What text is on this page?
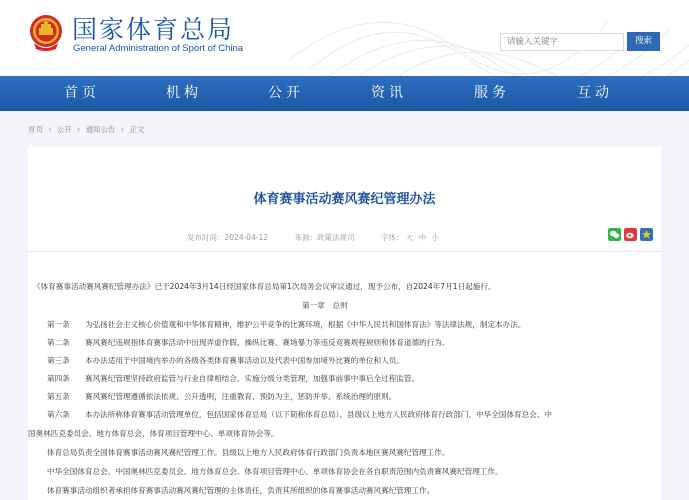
国家体育总局
General Administration of Sport of China
请输入关键字
搜索
首页	机构	公开	资讯	服务	互动
首页 › 公开 › 通知公告 › 正文
体育赛事活动赛风赛纪管理办法
发布时间：2024-04-12	来源：政策法规司	字体： 大 中 小
《体育赛事活动赛风赛纪管理办法》已于2024年3月14日经国家体育总局第1次局务会议审议通过，现予公布，自2024年7月1日起施行。
第一章　总则
第一条 为弘扬社会主义核心价值观和中华体育精神，维护公平竞争的比赛环境，根据《中华人民共和国体育法》等法律法规，制定本办法。
第二条 赛风赛纪违规指体育赛事活动中出现弄虚作假、操纵比赛、赛场暴力等违反竞赛规程规则和体育道德的行为。
第三条 本办法适用于中国境内举办的各级各类体育赛事活动以及代表中国参加境外比赛的单位和人员。
第四条 赛风赛纪管理坚持政府监管与行业自律相结合、实施分级分类管理，加强事前事中事后全过程监管。
第五条 赛风赛纪管理遵循依法依规、公开透明，注重教育、预防为主，惩防并举、系统治理的原则。
第六条 本办法所称体育赛事活动管理单位，包括国家体育总局（以下简称体育总局）、县级以上地方人民政府体育行政部门、中华全国体育总会、中
国奥林匹克委员会、地方体育总会、体育项目管理中心、单项体育协会等。
体育总局负责全国体育赛事活动赛风赛纪管理工作。县级以上地方人民政府体育行政部门负责本地区赛风赛纪管理工作。
中华全国体育总会、中国奥林匹克委员会、地方体育总会、体育项目管理中心、单项体育协会在各自职责范围内负责赛风赛纪管理工作。
体育赛事活动组织者承担体育赛事活动赛风赛纪管理的主体责任，负责其所组织的体育赛事活动赛风赛纪管理工作。
